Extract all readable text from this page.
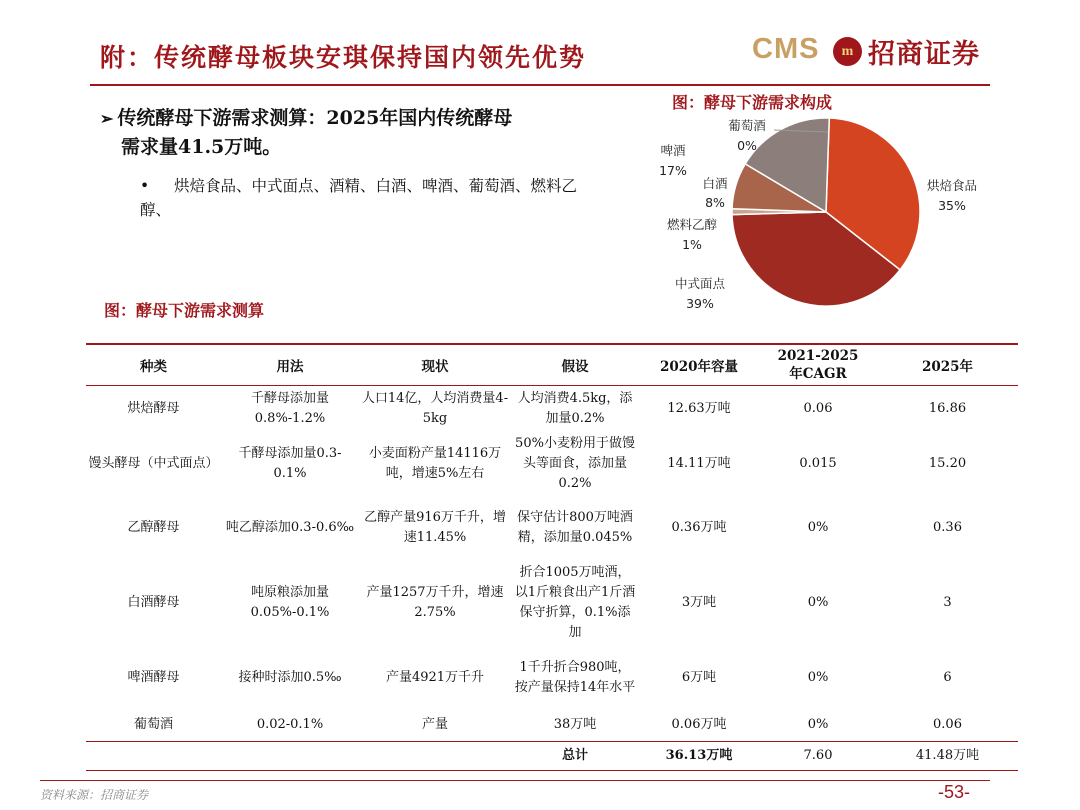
附：传统酵母板块安琪保持国内领先优势	CMS	m 招商证券
➢ 传统酵母下游需求测算：2025年国内传统酵母
需求量41.5万吨。
• 烘焙食品、中式面点、酒精、白酒、啤酒、葡萄酒、燃料乙醇、
图：酵母下游需求构成
图：酵母下游需求测算
烘焙食品
35%
中式面点
39%
燃料乙醇
1%
白酒
8%
啤酒
17%
葡萄酒
0%
种类	用法	现状	假设	2020年容量	2021-2025年CAGR	2025年
烘焙酵母	千酵母添加量0.8%-1.2%	人口14亿，人均消费量4-5kg	人均消费4.5kg，添加量0.2%	12.63万吨	0.06	16.86
馒头酵母（中式面点）	千酵母添加量0.3-0.1%	小麦面粉产量14116万吨，增速5%左右	50%小麦粉用于做馒头等面食，添加量0.2%	14.11万吨	0.015	15.20
乙醇酵母	吨乙醇添加0.3-0.6‰	乙醇产量916万千升，增速11.45%	保守估计800万吨酒精，添加量0.045%	0.36万吨	0%	0.36
白酒酵母	吨原粮添加量0.05%-0.1%	产量1257万千升，增速2.75%	折合1005万吨酒，以1斤粮食出产1斤酒保守折算，0.1%添加	3万吨	0%	3
啤酒酵母	接种时添加0.5‰	产量4921万千升	1千升折合980吨，按产量保持14年水平	6万吨	0%	6
葡萄酒	0.02-0.1%	产量	38万吨	0.06万吨	0%	0.06
			总计	36.13万吨	7.60	41.48万吨
资料来源：招商证券	-53-
